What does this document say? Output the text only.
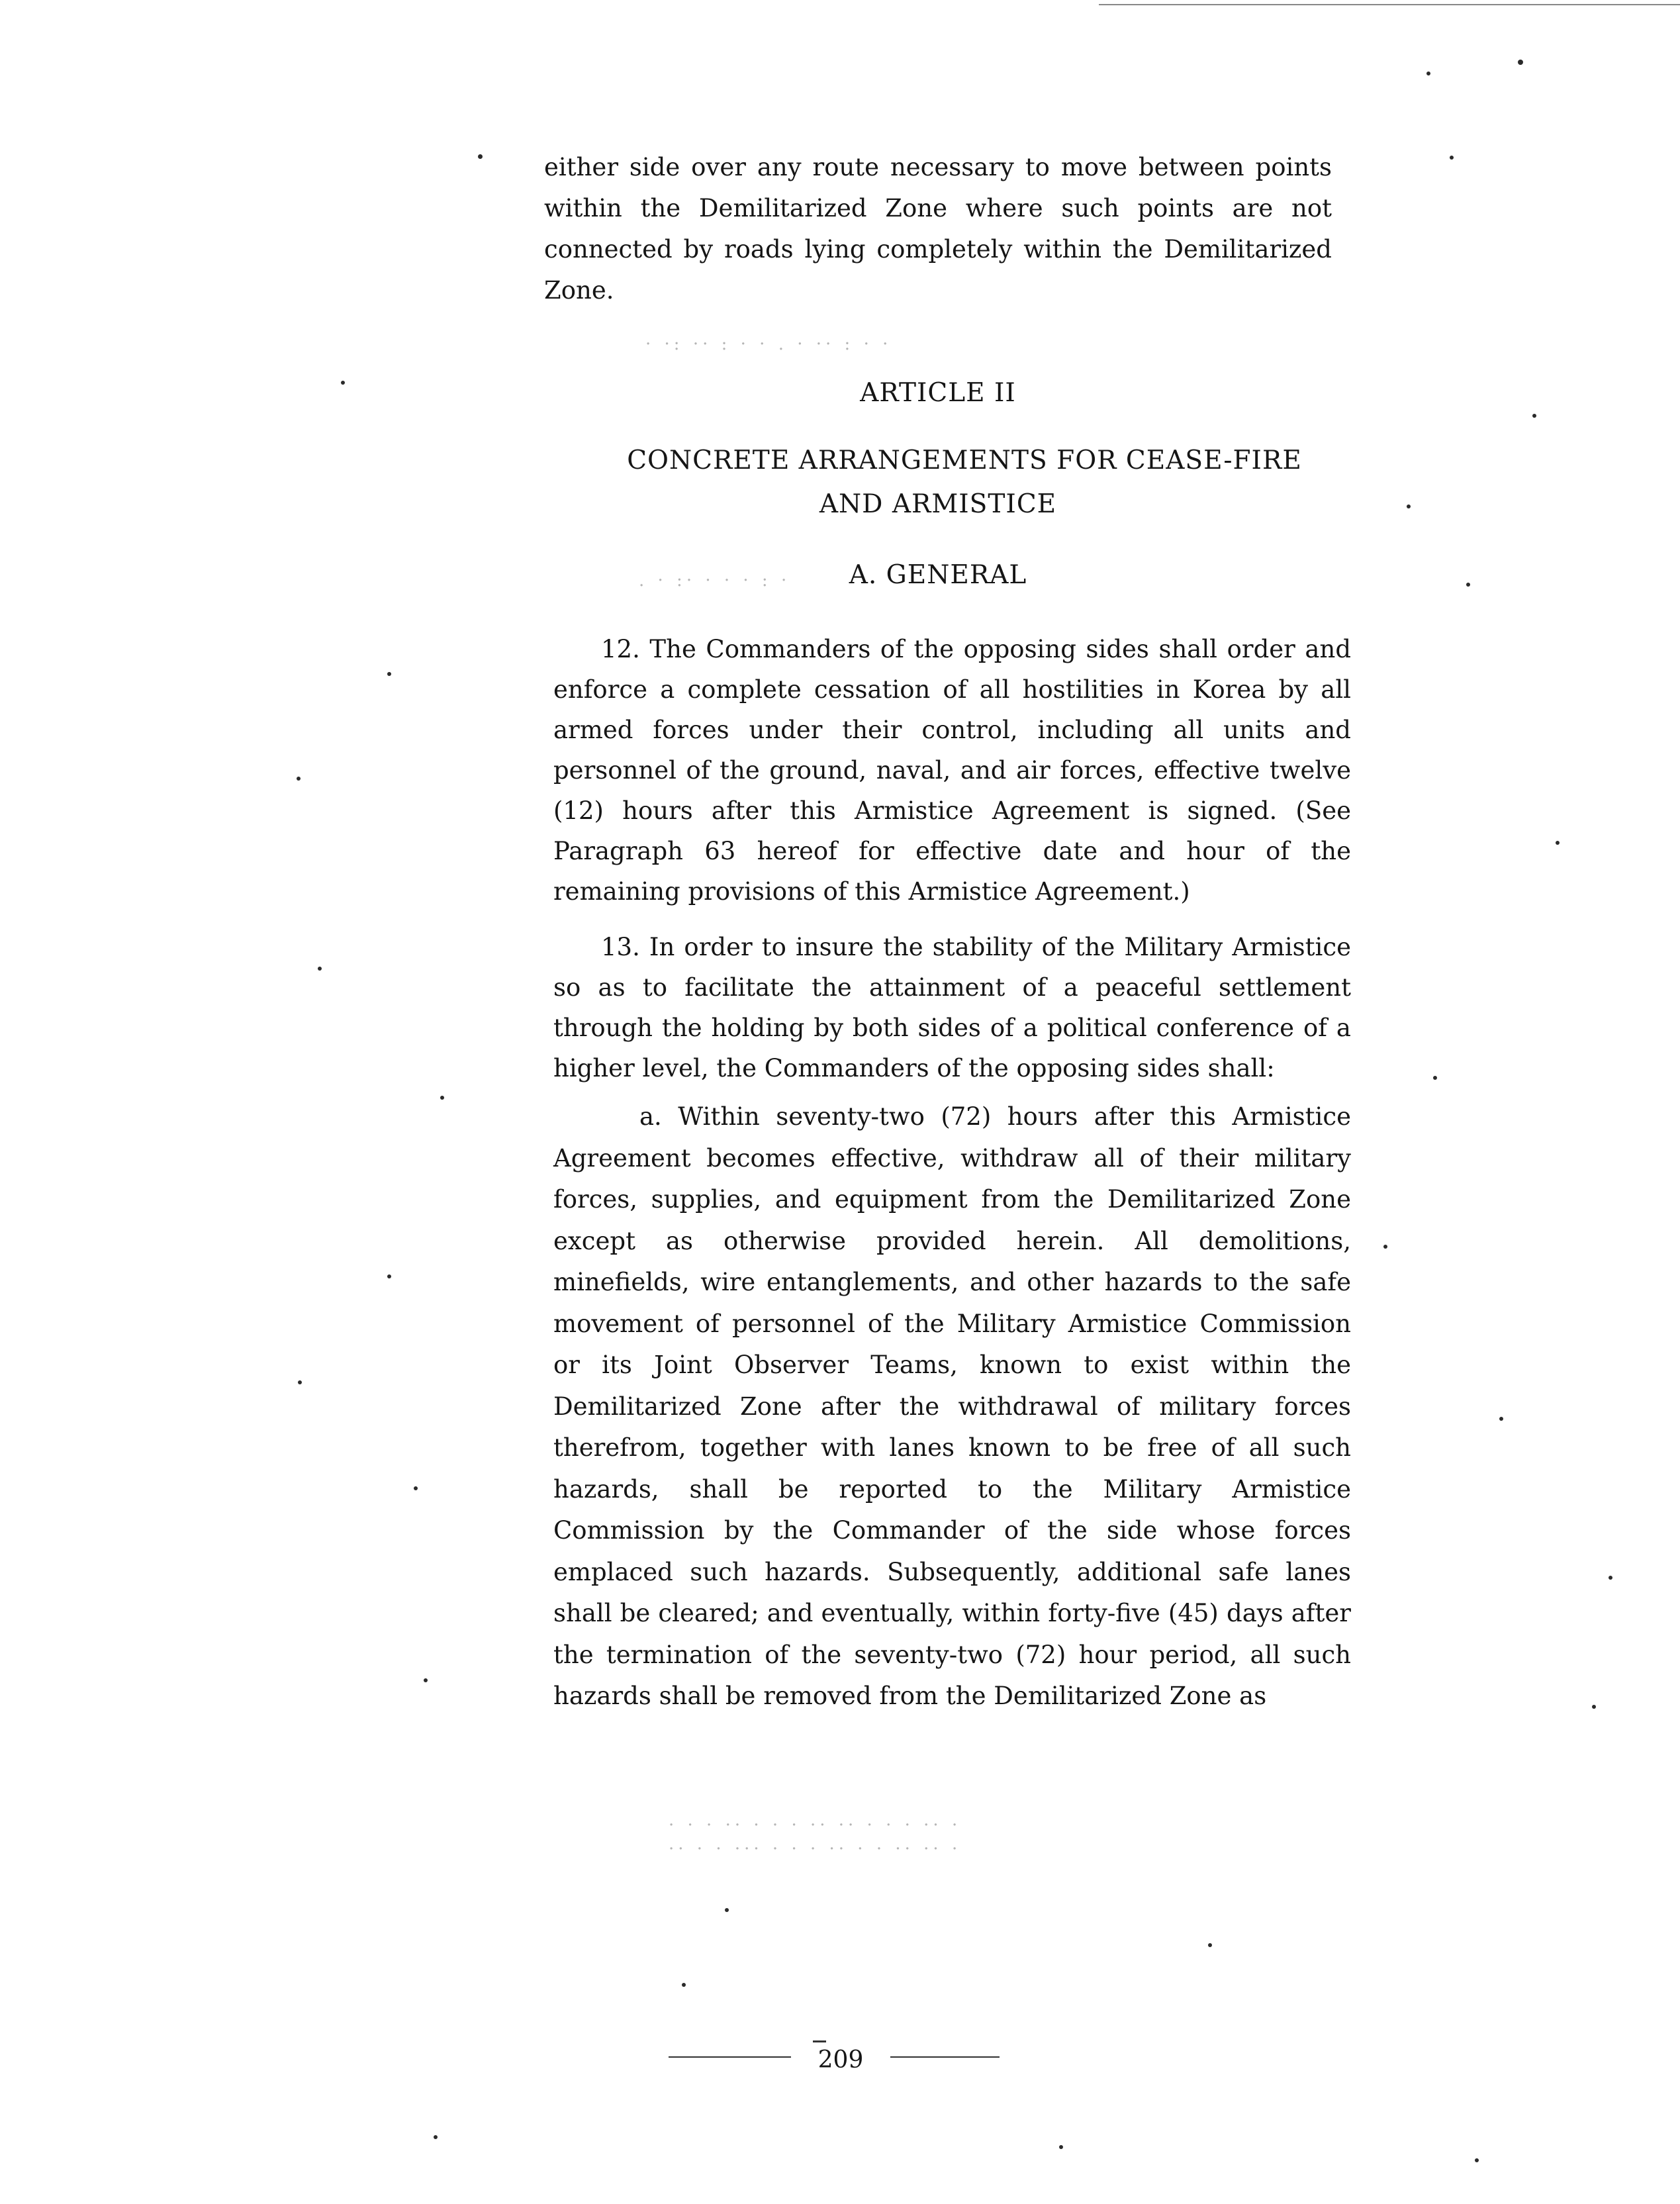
either side over any route necessary to move between points within the Demilitarized Zone where such points are not connected by roads lying completely within the Demilitarized Zone.

ARTICLE II
CONCRETE ARRANGEMENTS FOR CEASE-FIRE
AND ARMISTICE
A. GENERAL

12. The Commanders of the opposing sides shall order and enforce a complete cessation of all hostilities in Korea by all armed forces under their control, including all units and personnel of the ground, naval, and air forces, effective twelve (12) hours after this Armistice Agreement is signed. (See Paragraph 63 hereof for effective date and hour of the remaining provisions of this Armistice Agreement.)

13. In order to insure the stability of the Military Armistice so as to facilitate the attainment of a peaceful settlement through the holding by both sides of a political conference of a higher level, the Commanders of the opposing sides shall:

a. Within seventy-two (72) hours after this Armistice Agreement becomes effective, withdraw all of their military forces, supplies, and equipment from the Demilitarized Zone except as otherwise provided herein. All demolitions, minefields, wire entanglements, and other hazards to the safe movement of personnel of the Military Armistice Commission or its Joint Observer Teams, known to exist within the Demilitarized Zone after the withdrawal of military forces therefrom, together with lanes known to be free of all such hazards, shall be reported to the Military Armistice Commission by the Commander of the side whose forces emplaced such hazards. Subsequently, additional safe lanes shall be cleared; and eventually, within forty-five (45) days after the termination of the seventy-two (72) hour period, all such hazards shall be removed from the Demilitarized Zone as

209
· ·: ·· : · · . · ·· : · ·
. · :· · · · : ·
· · · ·· · · · ·· ·· · · · ·· ·
·· · · ··· · · · ·· · · ·· ·· ·
